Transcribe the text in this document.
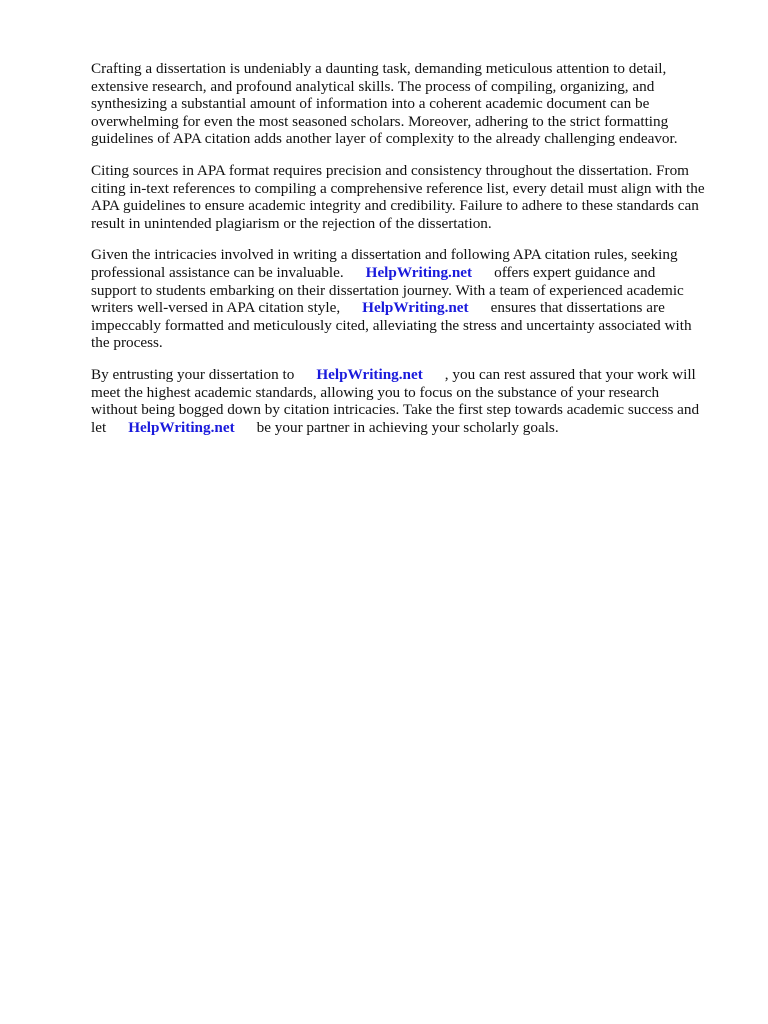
Crafting a dissertation is undeniably a daunting task, demanding meticulous attention to detail,
extensive research, and profound analytical skills. The process of compiling, organizing, and
synthesizing a substantial amount of information into a coherent academic document can be
overwhelming for even the most seasoned scholars. Moreover, adhering to the strict formatting
guidelines of APA citation adds another layer of complexity to the already challenging endeavor.

Citing sources in APA format requires precision and consistency throughout the dissertation. From
citing in-text references to compiling a comprehensive reference list, every detail must align with the
APA guidelines to ensure academic integrity and credibility. Failure to adhere to these standards can
result in unintended plagiarism or the rejection of the dissertation.

Given the intricacies involved in writing a dissertation and following APA citation rules, seeking
professional assistance can be invaluable. HelpWriting.net offers expert guidance and
support to students embarking on their dissertation journey. With a team of experienced academic
writers well-versed in APA citation style, HelpWriting.net ensures that dissertations are
impeccably formatted and meticulously cited, alleviating the stress and uncertainty associated with
the process.

By entrusting your dissertation to HelpWriting.net , you can rest assured that your work will
meet the highest academic standards, allowing you to focus on the substance of your research
without being bogged down by citation intricacies. Take the first step towards academic success and
let HelpWriting.net be your partner in achieving your scholarly goals.
